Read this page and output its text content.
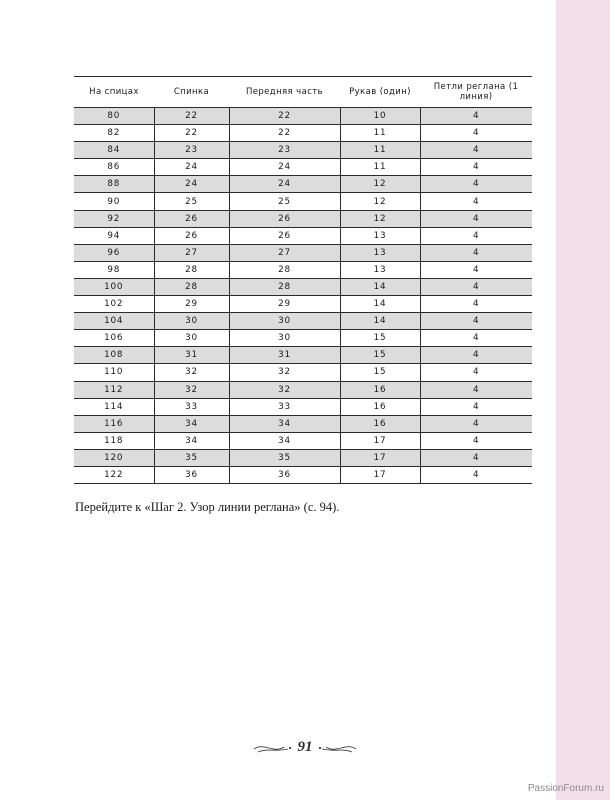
На спицах	Спинка	Передняя часть	Рукав (один)	Петли реглана (1 линия)
80	22	22	10	4
82	22	22	11	4
84	23	23	11	4
86	24	24	11	4
88	24	24	12	4
90	25	25	12	4
92	26	26	12	4
94	26	26	13	4
96	27	27	13	4
98	28	28	13	4
100	28	28	14	4
102	29	29	14	4
104	30	30	14	4
106	30	30	15	4
108	31	31	15	4
110	32	32	15	4
112	32	32	16	4
114	33	33	16	4
116	34	34	16	4
118	34	34	17	4
120	35	35	17	4
122	36	36	17	4
Перейдите к «Шаг 2. Узор линии реглана» (с. 94).
91
PassionForum.ru
